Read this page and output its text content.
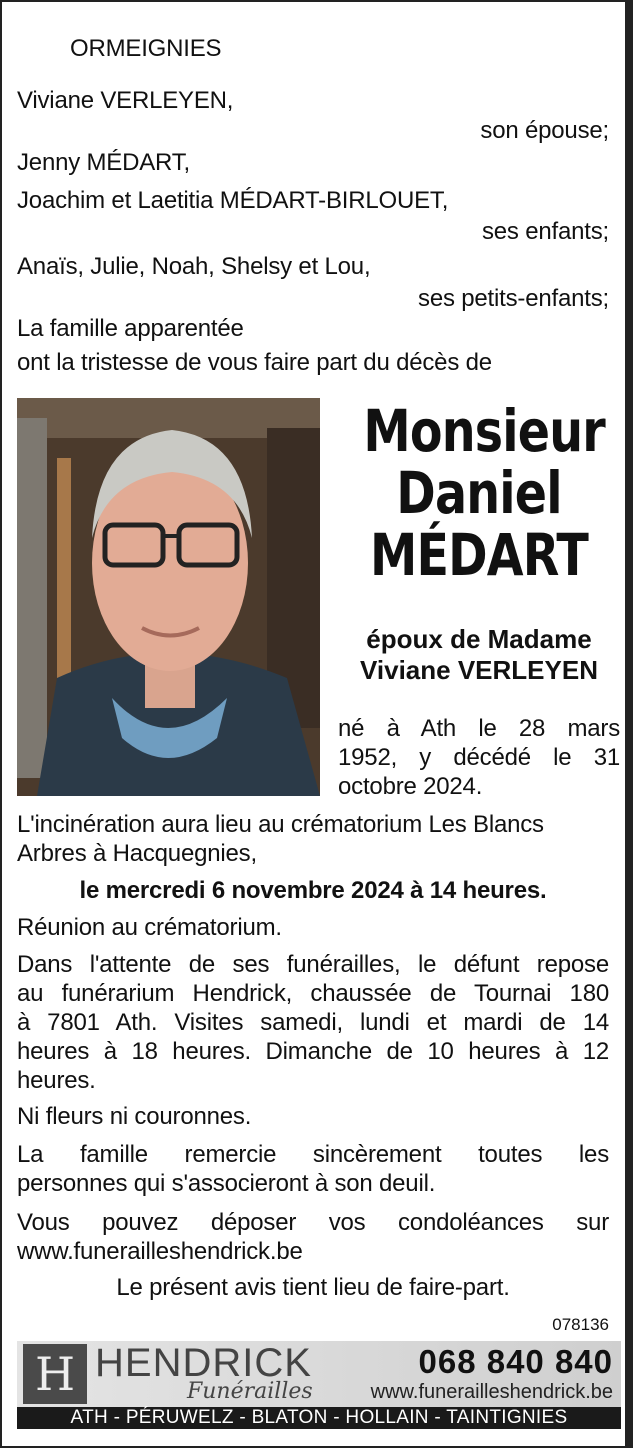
ORMEIGNIES
Viviane VERLEYEN,
son épouse;
Jenny MÉDART,
Joachim et Laetitia MÉDART-BIRLOUET,
ses enfants;
Anaïs, Julie, Noah, Shelsy et Lou,
ses petits-enfants;
La famille apparentée
ont la tristesse de vous faire part du décès de
Monsieur
Daniel
MÉDART
époux de Madame
Viviane VERLEYEN
né à Ath le 28 mars
1952, y décédé le 31
octobre 2024.
L'incinération aura lieu au crématorium Les Blancs
Arbres à Hacquegnies,
le mercredi 6 novembre 2024 à 14 heures.
Réunion au crématorium.
Dans l'attente de ses funérailles, le défunt repose
au funérarium Hendrick, chaussée de Tournai 180
à 7801 Ath. Visites samedi, lundi et mardi de 14
heures à 18 heures. Dimanche de 10 heures à 12
heures.
Ni fleurs ni couronnes.
La famille remercie sincèrement toutes les
personnes qui s'associeront à son deuil.
Vous pouvez déposer vos condoléances sur
www.funerailleshendrick.be
Le présent avis tient lieu de faire-part.
078136
H HENDRICK
Funérailles
068 840 840
www.funerailleshendrick.be
ATH - PÉRUWELZ - BLATON - HOLLAIN - TAINTIGNIES
